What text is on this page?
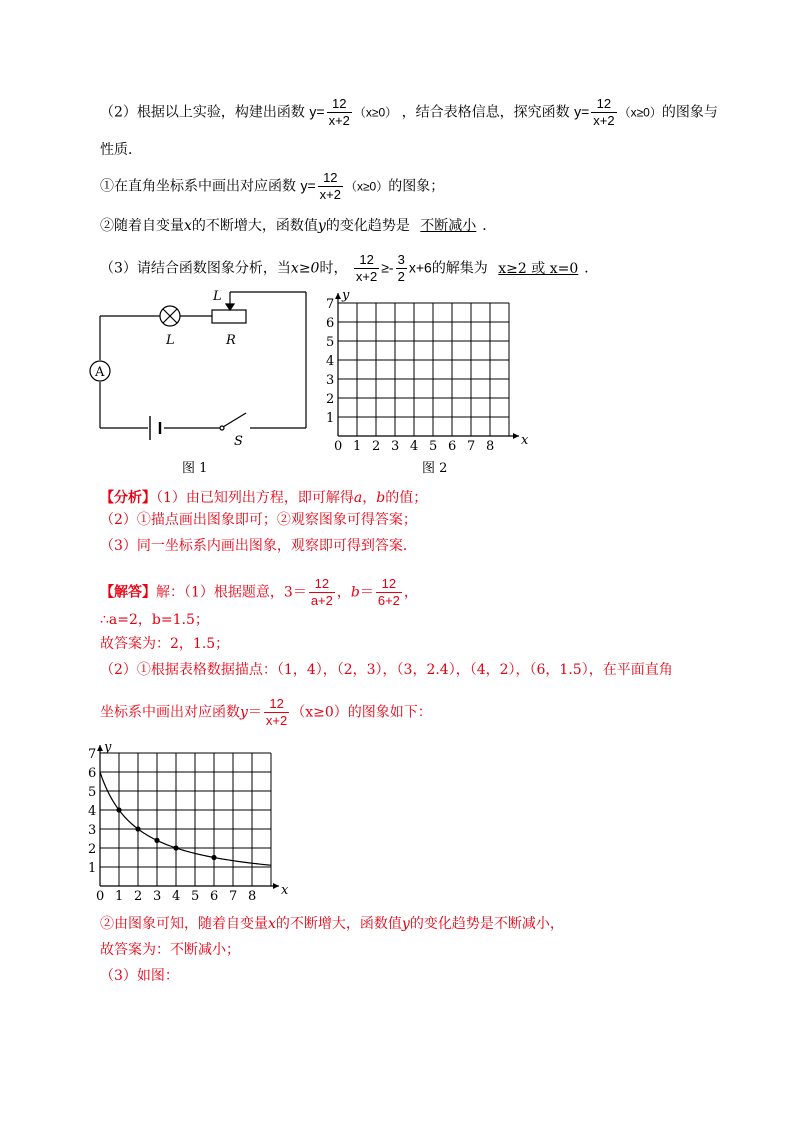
（2）根据以上实验，构建出函数 $y= \frac{12}{x+2} (x\ge 0)$ ，结合表格信息，探究函数 $y= \frac{12}{x+2} (x\ge 0)$的图象与
性质．
①在直角坐标系中画出对应函数 $y= \frac{12}{x+2} (x\ge 0)$的图象；
②随着自变量x的不断增大，函数值y的变化趋势是 不断减小 ．
（3）请结合函数图象分析，当x≥0时， $\frac{12}{x+2} \ge- \frac{3}{2} x+6$的解集为 x≥2 或 x=0 ．
A
L
L	R
S
图 1	图 2
0 1 2 3 4 5 6 7 8
1
2
3
4
5
6
7
x
y
【分析】（1）由已知列出方程，即可解得a，b的值；
（2）①描点画出图象即可；②观察图象可得答案；
（3）同一坐标系内画出图象，观察即可得到答案．
【解答】解：（1）根据题意，$3= \frac{12}{a+2}$ ，$b= \frac{12}{6+2}$ ，
∴a=2，b=1.5；
故答案为：2，1.5；
（2）①根据表格数据描点：（1，4），（2，3），（3，2.4），（4，2），（6，1.5），在平面直角
坐标系中画出对应函数$y= \frac{12}{x+2} (x\ge 0)$的图象如下：
0 1 2 3 4 5 6 7 8
1
2
3
4
5
6
7
x
y
②由图象可知，随着自变量x的不断增大，函数值y的变化趋势是不断减小，
故答案为：不断减小；
（3）如图：
